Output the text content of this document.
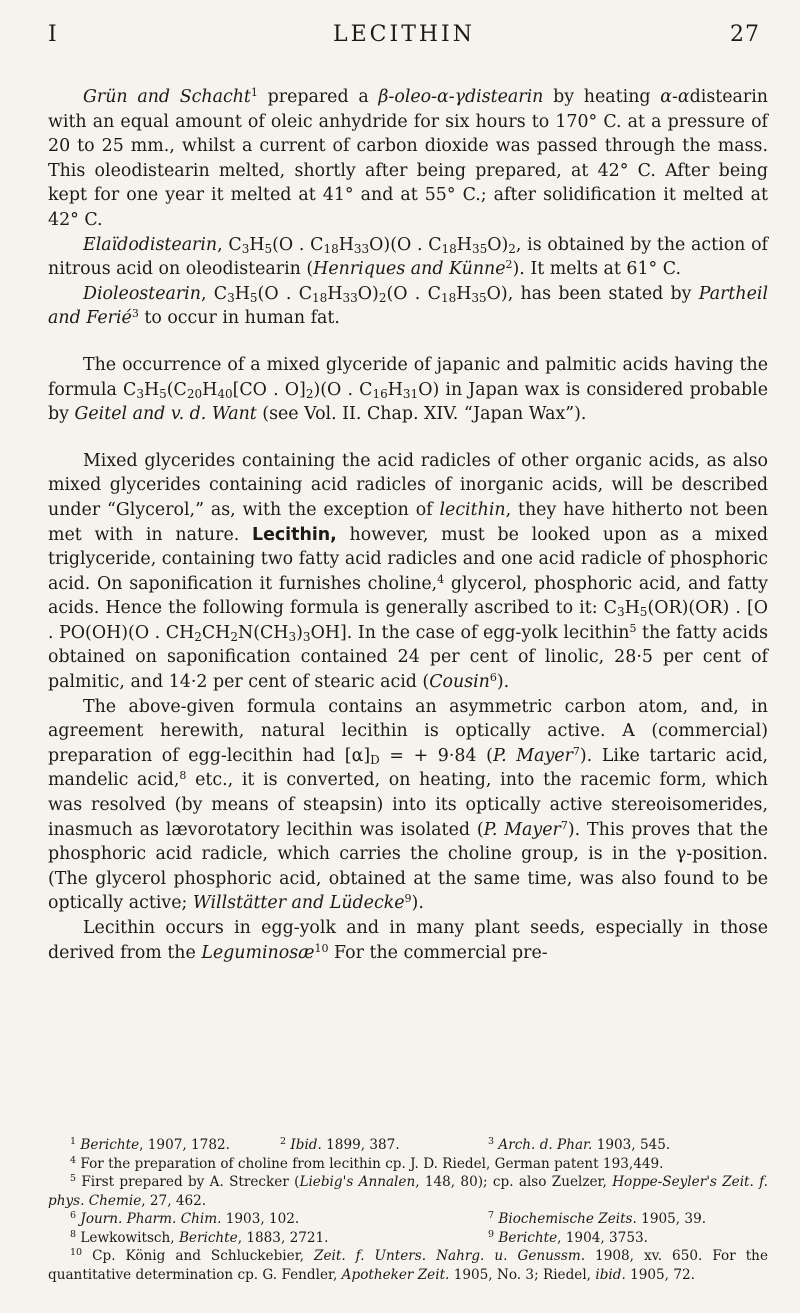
I	LECITHIN	27

Grün and Schacht$^1$ prepared a β-oleo-α-γdistearin by heating α-αdistearin with an equal amount of oleic anhydride for six hours to 170° C. at a pressure of 20 to 25 mm., whilst a current of carbon dioxide was passed through the mass. This oleodistearin melted, shortly after being prepared, at 42° C. After being kept for one year it melted at 41° and at 55° C.; after solidification it melted at 42° C.

Elaïdodistearin, $C_3H_5(O$ . $C_{18}H_{33}O)(O$ . $C_{18}H_{35}O)_2$, is obtained by the action of nitrous acid on oleodistearin (Henriques and Künne$^2$). It melts at 61° C.

Dioleostearin, $C_3H_5(O$ . $C_{18}H_{33}O)_2(O$ . $C_{18}H_{35}O$), has been stated by Partheil and Ferié$^3$ to occur in human fat.

The occurrence of a mixed glyceride of japanic and palmitic acids having the formula $C_3H_5(C_{20}H_{40}[CO$ . $O]_2)(O$ . $C_{16}H_{31}O$) in Japan wax is considered probable by Geitel and v. d. Want (see Vol. II. Chap. XIV. “Japan Wax”).

Mixed glycerides containing the acid radicles of other organic acids, as also mixed glycerides containing acid radicles of inorganic acids, will be described under “Glycerol,” as, with the exception of lecithin, they have hitherto not been met with in nature. Lecithin, however, must be looked upon as a mixed triglyceride, containing two fatty acid radicles and one acid radicle of phosphoric acid. On saponification it furnishes choline,$^4$ glycerol, phosphoric acid, and fatty acids. Hence the following formula is generally ascribed to it: $C_3H_5(OR)(OR)$ . [O . PO(OH)(O . $CH_2CH_2N(CH_3)_3OH$]. In the case of egg-yolk lecithin$^5$ the fatty acids obtained on saponification contained 24 per cent of linolic, 28·5 per cent of palmitic, and 14·2 per cent of stearic acid (Cousin$^6$).

The above-given formula contains an asymmetric carbon atom, and, in agreement herewith, natural lecithin is optically active. A (commercial) preparation of egg-lecithin had $[\alpha]_D$ = + 9·84 (P. Mayer$^7$). Like tartaric acid, mandelic acid,$^8$ etc., it is converted, on heating, into the racemic form, which was resolved (by means of steapsin) into its optically active stereoisomerides, inasmuch as lævorotatory lecithin was isolated (P. Mayer$^7$). This proves that the phosphoric acid radicle, which carries the choline group, is in the γ-position. (The glycerol phosphoric acid, obtained at the same time, was also found to be optically active; Willstätter and Lüdecke$^9$).

Lecithin occurs in egg-yolk and in many plant seeds, especially in those derived from the Leguminosæ$^{10}$ For the commercial pre-

$^1$ Berichte, 1907, 1782.	$^2$ Ibid. 1899, 387.	$^3$ Arch. d. Phar. 1903, 545.

$^4$ For the preparation of choline from lecithin cp. J. D. Riedel, German patent 193,449.

$^5$ First prepared by A. Strecker (Liebig's Annalen, 148, 80); cp. also Zuelzer, Hoppe-Seyler's Zeit. f. phys. Chemie, 27, 462.

$^6$ Journ. Pharm. Chim. 1903, 102.	$^7$ Biochemische Zeits. 1905, 39.
$^8$ Lewkowitsch, Berichte, 1883, 2721.	$^9$ Berichte, 1904, 3753.

$^{10}$ Cp. König and Schluckebier, Zeit. f. Unters. Nahrg. u. Genussm. 1908, xv. 650. For the quantitative determination cp. G. Fendler, Apotheker Zeit. 1905, No. 3; Riedel, ibid. 1905, 72.
